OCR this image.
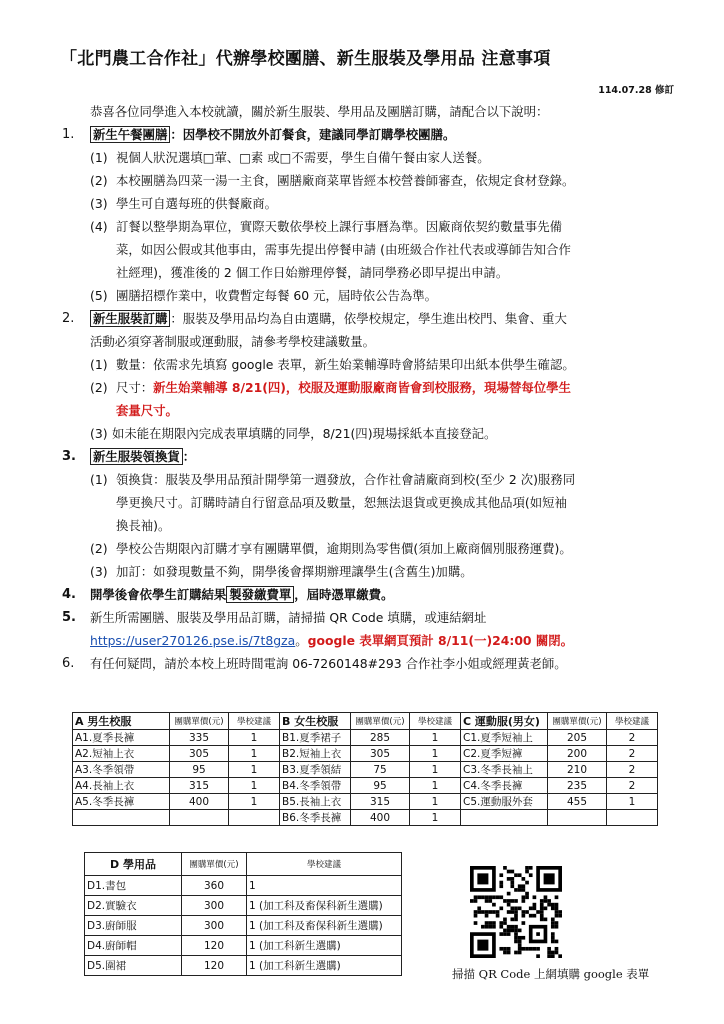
「北門農工合作社」代辦學校團膳、新生服裝及學用品 注意事項
114.07.28 修訂
恭喜各位同學進入本校就讀，關於新生服裝、學用品及團膳訂購，請配合以下說明：
1.	新生午餐團膳 ：因學校不開放外訂餐食，建議同學訂購學校團膳。
(1) 視個人狀況選填□葷、□素 或□不需要，學生自備午餐由家人送餐。
(2) 本校團膳為四菜一湯一主食，團膳廠商菜單皆經本校營養師審查，依規定食材登錄。
(3) 學生可自選每班的供餐廠商。
(4) 訂餐以整學期為單位，實際天數依學校上課行事曆為準。因廠商依契約數量事先備
菜，如因公假或其他事由，需事先提出停餐申請 (由班級合作社代表或導師告知合作
社經理)，獲准後的 2 個工作日始辦理停餐，請同學務必即早提出申請。
(5) 團膳招標作業中，收費暫定每餐 60 元，屆時依公告為準。
2.	新生服裝訂購 ：服裝及學用品均為自由選購，依學校規定，學生進出校門、集會、重大
活動必須穿著制服或運動服，請參考學校建議數量。
(1) 數量：依需求先填寫 google 表單，新生始業輔導時會將結果印出紙本供學生確認。
(2) 尺寸：新生始業輔導 8/21(四)，校服及運動服廠商皆會到校服務，現場替每位學生
套量尺寸。
(3) 如未能在期限內完成表單填購的同學，8/21(四)現場採紙本直接登記。
3.	新生服裝領換貨 ：
(1) 領換貨：服裝及學用品預計開學第一週發放，合作社會請廠商到校(至少 2 次)服務同
學更換尺寸。訂購時請自行留意品項及數量，恕無法退貨或更換成其他品項(如短袖
換長袖)。
(2) 學校公告期限內訂購才享有團購單價，逾期則為零售價(須加上廠商個別服務運費)。
(3) 加訂：如發現數量不夠，開學後會擇期辦理讓學生(含舊生)加購。
4.	開學後會依學生訂購結果 製發繳費單 ，屆時憑單繳費。
5.	新生所需團膳、服裝及學用品訂購，請掃描 QR Code 填購，或連結網址
https://user270126.pse.is/7t8gza。google 表單網頁預計 8/11(一)24:00 關閉。
6.	有任何疑問，請於本校上班時間電詢 06-7260148#293 合作社李小姐或經理黃老師。
A 男生校服	團購單價(元)	學校建議	B 女生校服	團購單價(元)	學校建議	C 運動服(男女)	團購單價(元)	學校建議
A1.夏季長褲	335	1	B1.夏季裙子	285	1	C1.夏季短袖上	205	2
A2.短袖上衣	305	1	B2.短袖上衣	305	1	C2.夏季短褲	200	2
A3.冬季領帶	95	1	B3.夏季領結	75	1	C3.冬季長袖上	210	2
A4.長袖上衣	315	1	B4.冬季領帶	95	1	C4.冬季長褲	235	2
A5.冬季長褲	400	1	B5.長袖上衣	315	1	C5.運動服外套	455	1
			B6.冬季長褲	400	1			
D 學用品	團購單價(元)	學校建議
D1.書包	360	1
D2.實驗衣	300	1 (加工科及畜保科新生選購)
D3.廚師服	300	1 (加工科及畜保科新生選購)
D4.廚師帽	120	1 (加工科新生選購)
D5.圍裙	120	1 (加工科新生選購)
掃描 QR Code 上網填購 google 表單
